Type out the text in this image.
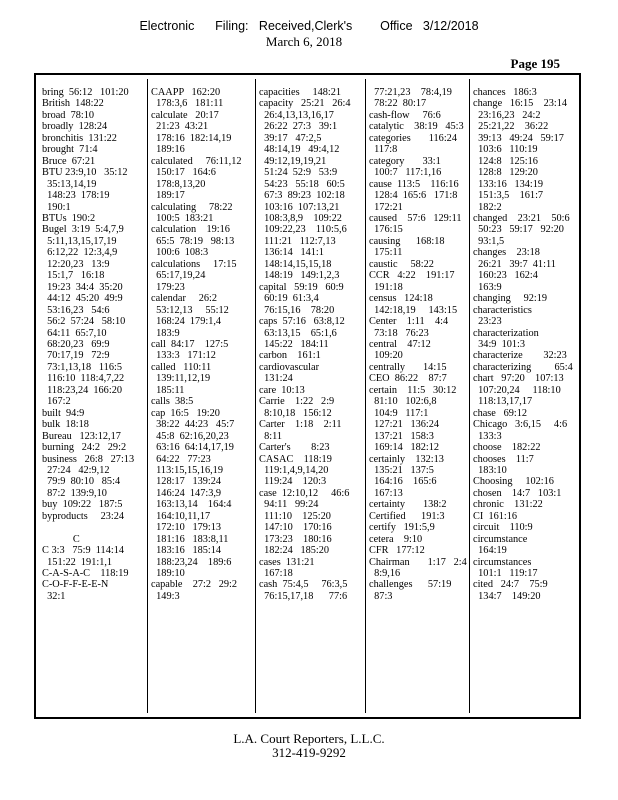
Electronic      Filing:   Received,Clerk's        Office   3/12/2018
March 6, 2018
Page 195
bring  56:12   101:20
British  148:22
broad  78:10
broadly  128:24
bronchitis  131:22
brought  71:4
Bruce  67:21
BTU 23:9,10   35:12
35:13,14,19
148:23  178:19
190:1
BTUs  190:2
Bugel  3:19  5:4,7,9
5:11,13,15,17,19
6:12,22  12:3,4,9
12:20,23   13:9
15:1,7   16:18
19:23  34:4  35:20
44:12  45:20  49:9
53:16,23   54:6
56:2  57:24   58:10
64:11  65:7,10
68:20,23   69:9
70:17,19   72:9
73:1,13,18   116:5
116:10  118:4,7,22
118:23,24  166:20
167:2
built  94:9
bulk  18:18
Bureau   123:12,17
burning   24:2   29:2
business   26:8   27:13
27:24   42:9,12
79:9  80:10   85:4
87:2  139:9,10
buy  109:22   187:5
byproducts     23:24

C
C 3:3   75:9  114:14
151:22  191:1,1
C-A-S-A-C    118:19
C-O-F-F-E-E-N
32:1
CAAPP   162:20
178:3,6   181:11
calculate   20:17
21:23  43:21
178:16  182:14,19
189:16
calculated     76:11,12
150:17   164:6
178:8,13,20
189:17
calculating     78:22
100:5  183:21
calculation    19:16
65:5  78:19   98:13
100:6  108:3
calculations     17:15
65:17,19,24
179:23
calendar     26:2
53:12,13     55:12
168:24  179:1,4
183:9
call  84:17    127:5
133:3   171:12
called   110:11
139:11,12,19
185:11
calls  38:5
cap  16:5   19:20
38:22  44:23   45:7
45:8  62:16,20,23
63:16  64:14,17,19
64:22   77:23
113:15,15,16,19
128:17   139:24
146:24  147:3,9
163:13,14    164:4
164:10,11,17
172:10   179:13
181:16   183:8,11
183:16   185:14
188:23,24    189:6
189:10
capable    27:2   29:2
149:3
capacities     148:21
capacity   25:21   26:4
26:4,13,13,16,17
26:22  27:3   39:1
39:17   47:2,5
48:14,19   49:4,12
49:12,19,19,21
51:24  52:9   53:9
54:23   55:18   60:5
67:3  89:23  102:18
103:16  107:13,21
108:3,8,9    109:22
109:22,23    110:5,6
111:21   112:7,13
136:14   141:1
148:14,15,15,18
148:19   149:1,2,3
capital   59:19   60:9
60:19  61:3,4
76:15,16    78:20
caps  57:16   63:8,12
63:13,15    65:1,6
145:22   184:11
carbon    161:1
cardiovascular
131:24
care  10:13
Carrie    1:22   2:9
8:10,18   156:12
Carter    1:18    2:11
8:11
Carter's        8:23
CASAC    118:19
119:1,4,9,14,20
119:24    120:3
case  12:10,12     46:6
94:11   99:24
111:10    125:20
147:10    170:16
173:23    180:16
182:24   185:20
cases  131:21
167:18
cash  75:4,5     76:3,5
76:15,17,18      77:6
77:21,23    78:4,19
78:22  80:17
cash-flow     76:6
catalytic    38:19   45:3
categories       116:24
117:8
category       33:1
100:7   117:1,16
cause  113:5    116:16
128:4  165:6   171:8
172:21
caused    57:6   129:11
176:15
causing      168:18
175:11
caustic     58:22
CCR   4:22    191:17
191:18
census   124:18
142:18,19     143:15
Center    1:11    4:4
73:18   76:23
central    47:12
109:20
centrally       14:15
CEO  86:22    87:7
certain    11:5   30:12
81:10   102:6,8
104:9   117:1
127:21   136:24
137:21   158:3
169:14   182:12
certainly    132:13
135:21   137:5
164:16    165:6
167:13
certainty       138:2
Certified      191:3
certify   191:5,9
cetera    9:10
CFR   177:12
Chairman       1:17   2:4
8:9,16
challenges      57:19
87:3
chances   186:3
change   16:15    23:14
23:16,23   24:2
25:21,22    36:22
39:13   49:24   59:17
103:6   110:19
124:8   125:16
128:8   129:20
133:16   134:19
151:3,5    161:7
182:2
changed    23:21    50:6
50:23   59:17   92:20
93:1,5
changes    23:18
26:21   39:7  41:11
160:23   162:4
163:9
changing     92:19
characteristics
23:23
characterization
34:9  101:3
characterize        32:23
characterizing         65:4
chart   97:20    107:13
107:20,24     118:10
118:13,17,17
chase   69:12
Chicago   3:6,15     4:6
133:3
choose    182:22
chooses    11:7
183:10
Choosing     102:16
chosen    14:7   103:1
chronic    131:22
CI  161:16
circuit    110:9
circumstance
164:19
circumstances
101:1   119:17
cited   24:7    75:9
134:7    149:20
L.A. Court Reporters, L.L.C.
312-419-9292
